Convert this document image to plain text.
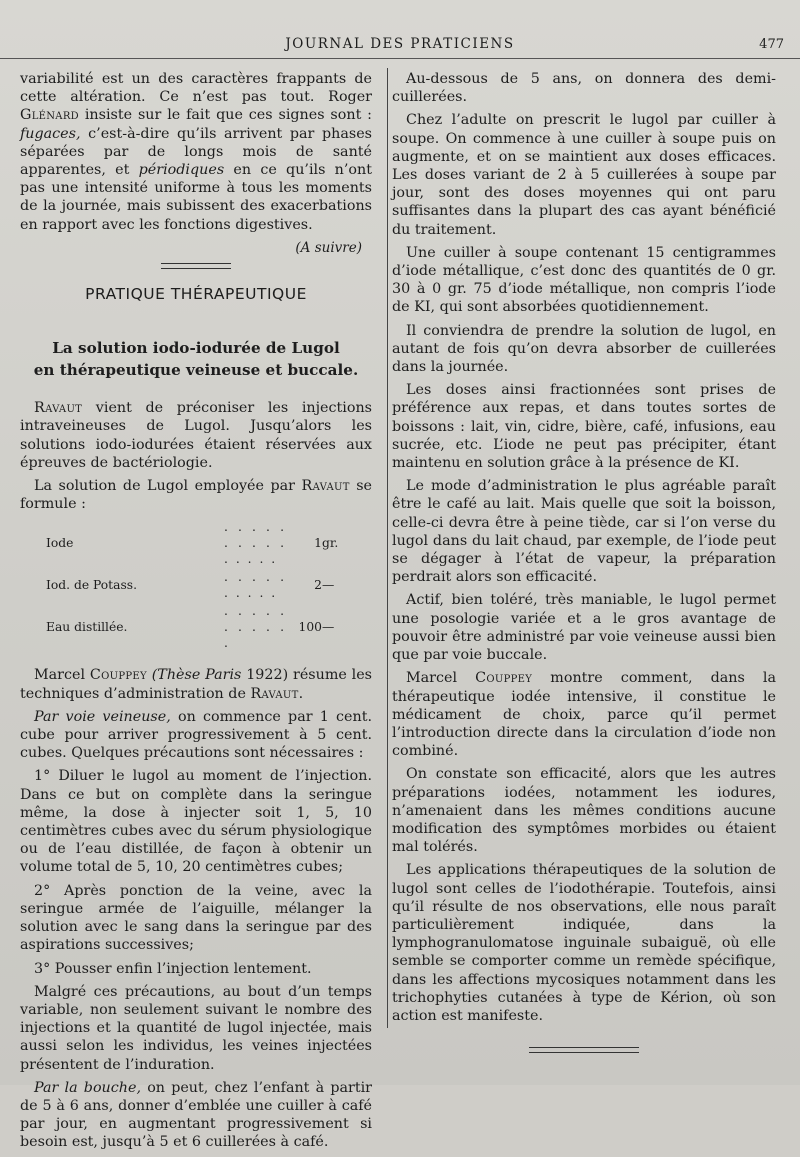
JOURNAL DES PRATICIENS	477

variabilité est un des caractères frappants de cette altération. Ce n’est pas tout. Roger Glénard insiste sur le fait que ces signes sont : fugaces, c’est-à-dire qu’ils arrivent par phases séparées par de longs mois de santé apparentes, et périodiques en ce qu’ils n’ont pas une intensité uniforme à tous les moments de la journée, mais subissent des exacerbations en rapport avec les fonctions digestives.

(A suivre)
PRATIQUE THÉRAPEUTIQUE
La solution iodo-iodurée de Lugol
en thérapeutique veineuse et buccale.

Ravaut vient de préconiser les injections intraveineuses de Lugol. Jusqu’alors les solutions iodo-iodurées étaient réservées aux épreuves de bactériologie.

La solution de Lugol employée par Ravaut se formule :

Iode	. . . . . . . . . . . . . . .	1	gr.
Iod. de Potass.	. . . . . . . . . .	2	—
Eau distillée.	. . . . . . . . . . .	100	—

Marcel Couppey (Thèse Paris 1922) résume les techniques d’administration de Ravaut.

Par voie veineuse, on commence par 1 cent. cube pour arriver progressivement à 5 cent. cubes. Quelques précautions sont nécessaires :

1° Diluer le lugol au moment de l’injection. Dans ce but on complète dans la seringue même, la dose à injecter soit 1, 5, 10 centimètres cubes avec du sérum physiologique ou de l’eau distillée, de façon à obtenir un volume total de 5, 10, 20 centimètres cubes;

2° Après ponction de la veine, avec la seringue armée de l’aiguille, mélanger la solution avec le sang dans la seringue par des aspirations successives;

3° Pousser enfin l’injection lentement.

Malgré ces précautions, au bout d’un temps variable, non seulement suivant le nombre des injections et la quantité de lugol injectée, mais aussi selon les individus, les veines injectées présentent de l’induration.

Par la bouche, on peut, chez l’enfant à partir de 5 à 6 ans, donner d’emblée une cuiller à café par jour, en augmentant progressivement si besoin est, jusqu’à 5 et 6 cuillerées à café.

Au-dessous de 5 ans, on donnera des demi-cuillerées.

Chez l’adulte on prescrit le lugol par cuiller à soupe. On commence à une cuiller à soupe puis on augmente, et on se maintient aux doses efficaces. Les doses variant de 2 à 5 cuillerées à soupe par jour, sont des doses moyennes qui ont paru suffisantes dans la plupart des cas ayant bénéficié du traitement.

Une cuiller à soupe contenant 15 centigrammes d’iode métallique, c’est donc des quantités de 0 gr. 30 à 0 gr. 75 d’iode métallique, non compris l’iode de KI, qui sont absorbées quotidiennement.

Il conviendra de prendre la solution de lugol, en autant de fois qu’on devra absorber de cuillerées dans la journée.

Les doses ainsi fractionnées sont prises de préférence aux repas, et dans toutes sortes de boissons : lait, vin, cidre, bière, café, infusions, eau sucrée, etc. L’iode ne peut pas précipiter, étant maintenu en solution grâce à la présence de KI.

Le mode d’administration le plus agréable paraît être le café au lait. Mais quelle que soit la boisson, celle-ci devra être à peine tiède, car si l’on verse du lugol dans du lait chaud, par exemple, de l’iode peut se dégager à l’état de vapeur, la préparation perdrait alors son efficacité.

Actif, bien toléré, très maniable, le lugol permet une posologie variée et a le gros avantage de pouvoir être administré par voie veineuse aussi bien que par voie buccale.

Marcel Couppey montre comment, dans la thérapeutique iodée intensive, il constitue le médicament de choix, parce qu’il permet l’introduction directe dans la circulation d’iode non combiné.

On constate son efficacité, alors que les autres préparations iodées, notamment les iodures, n’amenaient dans les mêmes conditions aucune modification des symptômes morbides ou étaient mal tolérés.

Les applications thérapeutiques de la solution de lugol sont celles de l’iodothérapie. Toutefois, ainsi qu’il résulte de nos observations, elle nous paraît particulièrement indiquée, dans la lymphogranulomatose inguinale subaiguë, où elle semble se comporter comme un remède spécifique, dans les affections mycosiques notamment dans les trichophyties cutanées à type de Kérion, où son action est manifeste.
